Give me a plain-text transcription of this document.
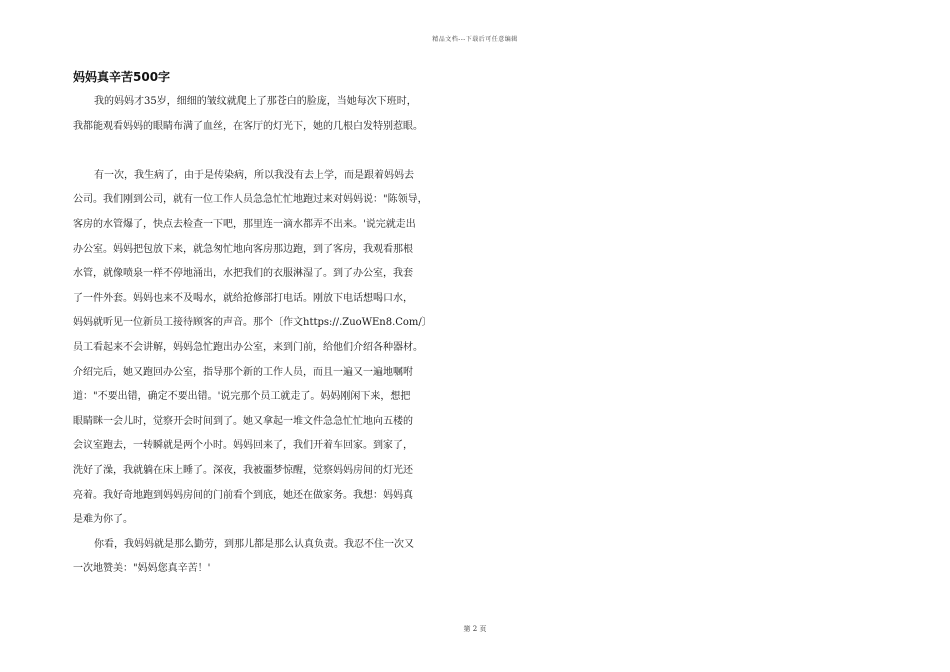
精品文档---下载后可任意编辑
妈妈真辛苦500字
我的妈妈才35岁，细细的皱纹就爬上了那苍白的脸庞，当她每次下班时，
我都能观看妈妈的眼睛布满了血丝，在客厅的灯光下，她的几根白发特别惹眼。
有一次，我生病了，由于是传染病，所以我没有去上学，而是跟着妈妈去
公司。我们刚到公司，就有一位工作人员急急忙忙地跑过来对妈妈说："陈领导，
客房的水管爆了，快点去检查一下吧，那里连一滴水都弄不出来。'说完就走出
办公室。妈妈把包放下来，就急匆忙地向客房那边跑，到了客房，我观看那根
水管，就像喷泉一样不停地涌出，水把我们的衣服淋湿了。到了办公室，我套
了一件外套。妈妈也来不及喝水，就给抢修部打电话。刚放下电话想喝口水，
妈妈就听见一位新员工接待顾客的声音。那个〔作文https://.ZuoWEn8.Com/〕
员工看起来不会讲解，妈妈急忙跑出办公室，来到门前，给他们介绍各种器材。
介绍完后，她又跑回办公室，指导那个新的工作人员，而且一遍又一遍地嘱咐
道："不要出错，确定不要出错。'说完那个员工就走了。妈妈刚闲下来，想把
眼睛眯一会儿时，觉察开会时间到了。她又拿起一堆文件急急忙忙地向五楼的
会议室跑去，一转瞬就是两个小时。妈妈回来了，我们开着车回家。到家了，
洗好了澡，我就躺在床上睡了。深夜，我被噩梦惊醒，觉察妈妈房间的灯光还
亮着。我好奇地跑到妈妈房间的门前看个到底，她还在做家务。我想：妈妈真
是难为你了。
你看，我妈妈就是那么勤劳，到那儿都是那么认真负责。我忍不住一次又
一次地赞美："妈妈您真辛苦！'
第 2 页
